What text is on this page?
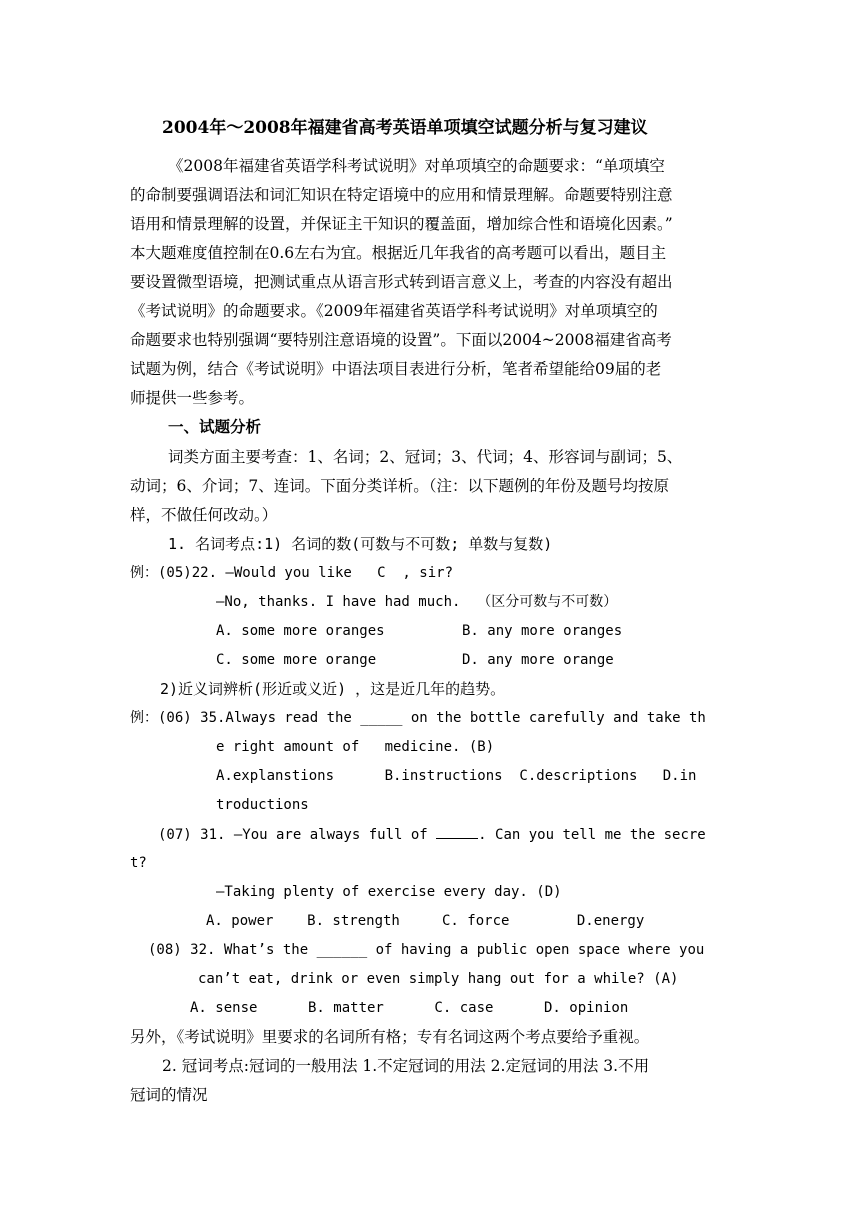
2004年～2008年福建省高考英语单项填空试题分析与复习建议
《2008年福建省英语学科考试说明》对单项填空的命题要求：“单项填空
的命制要强调语法和词汇知识在特定语境中的应用和情景理解。命题要特别注意
语用和情景理解的设置，并保证主干知识的覆盖面，增加综合性和语境化因素。”
本大题难度值控制在0.6左右为宜。根据近几年我省的高考题可以看出，题目主
要设置微型语境，把测试重点从语言形式转到语言意义上，考查的内容没有超出
《考试说明》的命题要求。《2009年福建省英语学科考试说明》对单项填空的
命题要求也特别强调“要特别注意语境的设置”。下面以2004~2008福建省高考
试题为例，结合《考试说明》中语法项目表进行分析，笔者希望能给09届的老
师提供一些参考。
一、试题分析
词类方面主要考查：1、名词；2、冠词；3、代词；4、形容词与副词；5、
动词；6、介词；7、连词。下面分类详析。（注：以下题例的年份及题号均按原
样，不做任何改动。）
1. 名词考点:1) 名词的数(可数与不可数; 单数与复数)
例：(05)22. —Would you like   C  , sir?
—No, thanks. I have had much.  （区分可数与不可数）
A. some more oranges	B. any more oranges
C. some more orange	D. any more orange
2)近义词辨析(形近或义近) ，这是近几年的趋势。
例：(06) 35.Always read the _____ on the bottle carefully and take th
e right amount of   medicine. (B)
A.explanstions      B.instructions  C.descriptions   D.in
troductions
(07) 31. —You are always full of	. Can you tell me the secre
t?
—Taking plenty of exercise every day. (D)
A. power    B. strength     C. force        D.energy
(08) 32. What’s the ______ of having a public open space where you
can’t eat, drink or even simply hang out for a while? (A)
A. sense      B. matter      C. case      D. opinion
另外，《考试说明》里要求的名词所有格；专有名词这两个考点要给予重视。
2. 冠词考点:冠词的一般用法 1.不定冠词的用法 2.定冠词的用法 3.不用
冠词的情况
